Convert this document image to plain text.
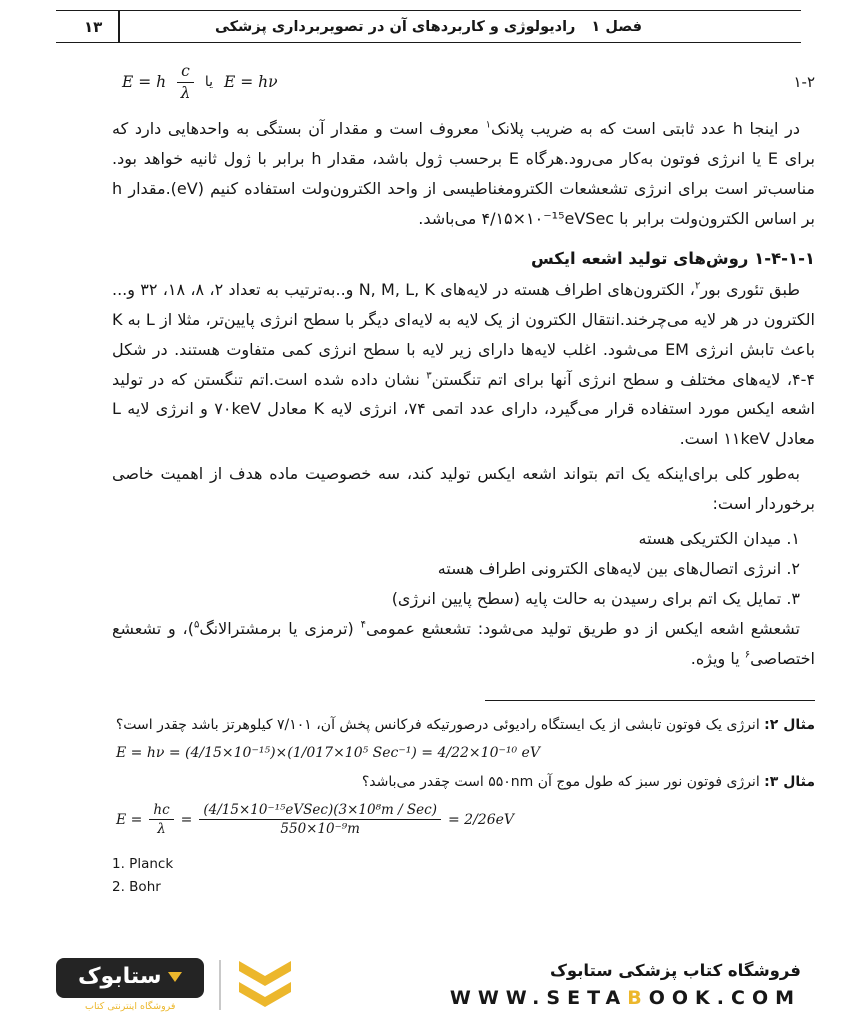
۱۳	فصل ۱
رادیولوژی و کاربردهای آن در تصویربرداری پزشکی
E = h $\frac{c}{\lambda}$ یا E = hν	۱-۲

در اینجا h عدد ثابتی است که به ضریب پلانک$^۱$ معروف است و مقدار آن بستگی به واحدهایی دارد که برای E یا انرژی فوتون به‌کار می‌رود.هرگاه E برحسب ژول باشد، مقدار h برابر با ژول ثانیه خواهد بود. مناسب‌تر است برای انرژی تشعشعات الکترومغناطیسی از واحد الکترون‌ولت استفاده کنیم (eV).مقدار h بر اساس الکترون‌ولت برابر با ۴/۱۵×۱۰⁻¹⁵eVSec می‌باشد.

۱-۴-۱-۱ روش‌های تولید اشعه ایکس

طبق تئوری بور$^۲$، الکترون‌های اطراف هسته در لایه‌های N, M, L, K و..به‌ترتیب به تعداد ۲، ۸، ۱۸، ۳۲ و... الکترون در هر لایه می‌چرخند.انتقال الکترون از یک لایه به لایه‌ای دیگر با سطح انرژی پایین‌تر، مثلا از L به K باعث تابش انرژی EM می‌شود. اغلب لایه‌ها دارای زیر لایه با سطح انرژی کمی متفاوت هستند. در شکل ۴-۴، لایه‌های مختلف و سطح انرژی آنها برای اتم تنگستن$^۳$ نشان داده شده است.اتم تنگستن که در تولید اشعه ایکس مورد استفاده قرار می‌گیرد، دارای عدد اتمی ۷۴، انرژی لایه K معادل ۷۰keV و انرژی لایه L معادل ۱۱keV است.

به‌طور کلی برای‌اینکه یک اتم بتواند اشعه ایکس تولید کند، سه خصوصیت ماده هدف از اهمیت خاصی برخوردار است:

۱. میدان الکتریکی هسته

۲. انرژی اتصال‌های بین لایه‌های الکترونی اطراف هسته

۳. تمایل یک اتم برای رسیدن به حالت پایه (سطح پایین انرژی)

تشعشع اشعه ایکس از دو طریق تولید می‌شود: تشعشع عمومی$^۴$ (ترمزی یا برمشترالانگ$^۵$)، و تشعشع اختصاصی$^۶$ یا ویژه.

مثال ۲: انرژی یک فوتون تابشی از یک ایستگاه رادیوئی درصورتیکه فرکانس پخش آن، ۷/۱۰۱ کیلوهرتز باشد چقدر است؟

E = hν = (4/15×10⁻¹⁵)×(1/017×10⁵ Sec⁻¹) = 4/22×10⁻¹⁰ eV

مثال ۳: انرژی فوتون نور سبز که طول موج آن ۵۵۰nm است چقدر می‌باشد؟

$E = \frac{hc}{\lambda} = \frac{\text{(4/15×10⁻¹⁵eVSec)(3×10⁸m / Sec)}}{\text{550×10⁻⁹m}} = 2/26eV$

1. Planck

2. Bohr

ستابوک
فروشگاه اینترنتی کتاب
فروشگاه کتاب پزشکی ستابوک
WWW.SETABOOK.COM
